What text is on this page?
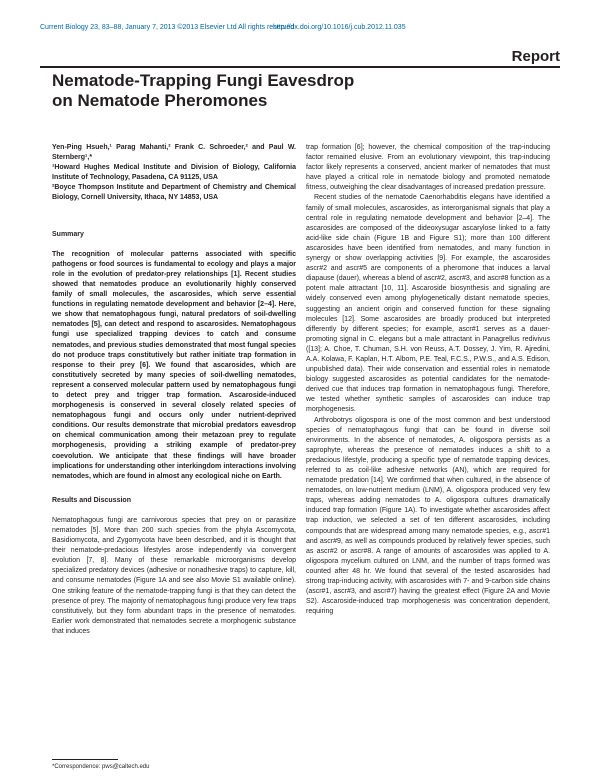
Current Biology 23, 83–88, January 7, 2013 ©2013 Elsevier Ltd All rights reserved
http://dx.doi.org/10.1016/j.cub.2012.11.035
Report
Nematode-Trapping Fungi Eavesdrop
on Nematode Pheromones

Yen-Ping Hsueh,¹ Parag Mahanti,² Frank C. Schroeder,² and Paul W. Sternberg¹,*

¹Howard Hughes Medical Institute and Division of Biology, California Institute of Technology, Pasadena, CA 91125, USA

²Boyce Thompson Institute and Department of Chemistry and Chemical Biology, Cornell University, Ithaca, NY 14853, USA

Summary

The recognition of molecular patterns associated with specific pathogens or food sources is fundamental to ecology and plays a major role in the evolution of predator-prey relationships [1]. Recent studies showed that nematodes produce an evolutionarily highly conserved family of small molecules, the ascarosides, which serve essential functions in regulating nematode development and behavior [2–4]. Here, we show that nematophagous fungi, natural predators of soil-dwelling nematodes [5], can detect and respond to ascarosides. Nematophagous fungi use specialized trapping devices to catch and consume nematodes, and previous studies demonstrated that most fungal species do not produce traps constitutively but rather initiate trap formation in response to their prey [6]. We found that ascarosides, which are constitutively secreted by many species of soil-dwelling nematodes, represent a conserved molecular pattern used by nematophagous fungi to detect prey and trigger trap formation. Ascaroside-induced morphogenesis is conserved in several closely related species of nematophagous fungi and occurs only under nutrient-deprived conditions. Our results demonstrate that microbial predators eavesdrop on chemical communication among their metazoan prey to regulate morphogenesis, providing a striking example of predator-prey coevolution. We anticipate that these findings will have broader implications for understanding other interkingdom interactions involving nematodes, which are found in almost any ecological niche on Earth.

Results and Discussion

Nematophagous fungi are carnivorous species that prey on or parasitize nematodes [5]. More than 200 such species from the phyla Ascomycota, Basidiomycota, and Zygomycota have been described, and it is thought that their nematode-predacious lifestyles arose independently via convergent evolution [7, 8]. Many of these remarkable microorganisms develop specialized predatory devices (adhesive or nonadhesive traps) to capture, kill, and consume nematodes (Figure 1A and see also Movie S1 available online). One striking feature of the nematode-trapping fungi is that they can detect the presence of prey. The majority of nematophagous fungi produce very few traps constitutively, but they form abundant traps in the presence of nematodes. Earlier work demonstrated that nematodes secrete a morphogenic substance that induces

trap formation [6]; however, the chemical composition of the trap-inducing factor remained elusive. From an evolutionary viewpoint, this trap-inducing factor likely represents a conserved, ancient marker of nematodes that must have played a critical role in nematode biology and promoted nematode fitness, outweighing the clear disadvantages of increased predation pressure.

Recent studies of the nematode Caenorhabditis elegans have identified a family of small molecules, ascarosides, as interorganismal signals that play a central role in regulating nematode development and behavior [2–4]. The ascarosides are composed of the dideoxysugar ascarylose linked to a fatty acid-like side chain (Figure 1B and Figure S1); more than 100 different ascarosides have been identified from nematodes, and many function in synergy or show overlapping activities [9]. For example, the ascarosides ascr#2 and ascr#5 are components of a pheromone that induces a larval diapause (dauer), whereas a blend of ascr#2, ascr#3, and ascr#8 function as a potent male attractant [10, 11]. Ascaroside biosynthesis and signaling are widely conserved even among phylogenetically distant nematode species, suggesting an ancient origin and conserved function for these signaling molecules [12]. Some ascarosides are broadly produced but interpreted differently by different species; for example, ascr#1 serves as a dauer-promoting signal in C. elegans but a male attractant in Panagrellus redivivus ([13]; A. Choe, T. Chuman, S.H. von Reuss, A.T. Dossey, J. Yim, R. Ajredini, A.A. Kolawa, F. Kaplan, H.T. Alborn, P.E. Teal, F.C.S., P.W.S., and A.S. Edison, unpublished data). Their wide conservation and essential roles in nematode biology suggested ascarosides as potential candidates for the nematode-derived cue that induces trap formation in nematophagous fungi. Therefore, we tested whether synthetic samples of ascarosides can induce trap morphogenesis.

Arthrobotrys oligospora is one of the most common and best understood species of nematophagous fungi that can be found in diverse soil environments. In the absence of nematodes, A. oligospora persists as a saprophyte, whereas the presence of nematodes induces a shift to a predacious lifestyle, producing a specific type of nematode trapping devices, referred to as coil-like adhesive networks (AN), which are required for nematode predation [14]. We confirmed that when cultured, in the absence of nematodes, on low-nutrient medium (LNM), A. oligospora produced very few traps, whereas adding nematodes to A. oligospora cultures dramatically induced trap formation (Figure 1A). To investigate whether ascarosides affect trap induction, we selected a set of ten different ascarosides, including compounds that are widespread among many nematode species, e.g., ascr#1 and ascr#9, as well as compounds produced by relatively fewer species, such as ascr#2 or ascr#8. A range of amounts of ascarosides was applied to A. oligospora mycelium cultured on LNM, and the number of traps formed was counted after 48 hr. We found that several of the tested ascarosides had strong trap-inducing activity, with ascarosides with 7- and 9-carbon side chains (ascr#1, ascr#3, and ascr#7) having the greatest effect (Figure 2A and Movie S2). Ascaroside-induced trap morphogenesis was concentration dependent, requiring

*Correspondence: pws@caltech.edu
